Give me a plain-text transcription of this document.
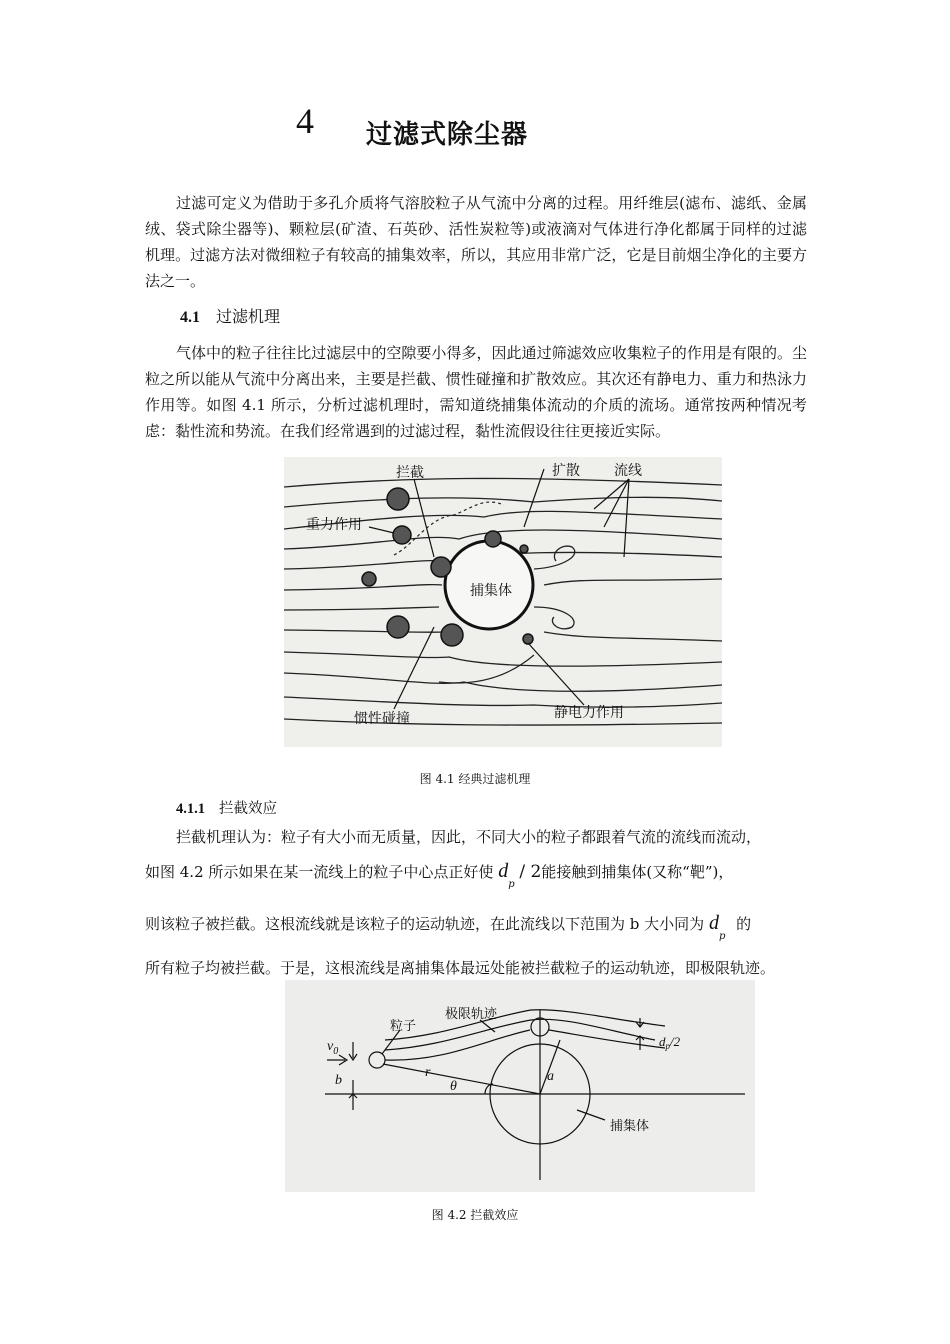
4 过滤式除尘器

过滤可定义为借助于多孔介质将气溶胶粒子从气流中分离的过程。用纤维层(滤布、滤纸、金属绒、袋式除尘器等)、颗粒层(矿渣、石英砂、活性炭粒等)或液滴对气体进行净化都属于同样的过滤机理。过滤方法对微细粒子有较高的捕集效率，所以，其应用非常广泛，它是目前烟尘净化的主要方法之一。

4.1 过滤机理

气体中的粒子往往比过滤层中的空隙要小得多，因此通过筛滤效应收集粒子的作用是有限的。尘粒之所以能从气流中分离出来，主要是拦截、惯性碰撞和扩散效应。其次还有静电力、重力和热泳力作用等。如图 4.1 所示，分析过滤机理时，需知道绕捕集体流动的介质的流场。通常按两种情况考虑：黏性流和势流。在我们经常遇到的过滤过程，黏性流假设往往更接近实际。

拦截	扩散 流线
重力作用
捕集体
惯性碰撞	静电力作用
图 4.1 经典过滤机理

4.1.1 拦截效应

拦截机理认为：粒子有大小而无质量，因此，不同大小的粒子都跟着气流的流线而流动，

如图 4.2 所示如果在某一流线上的粒子中心点正好使 $d_p / 2$能接触到捕集体(又称“靶”)，

则该粒子被拦截。这根流线就是该粒子的运动轨迹，在此流线以下范围为 b 大小同为 $d_p$ 的

所有粒子均被拦截。于是，这根流线是离捕集体最远处能被拦截粒子的运动轨迹，即极限轨迹。

$v_0$
粒子
极限轨迹
$d_p/2$
b
r	a
θ
捕集体
图 4.2 拦截效应
